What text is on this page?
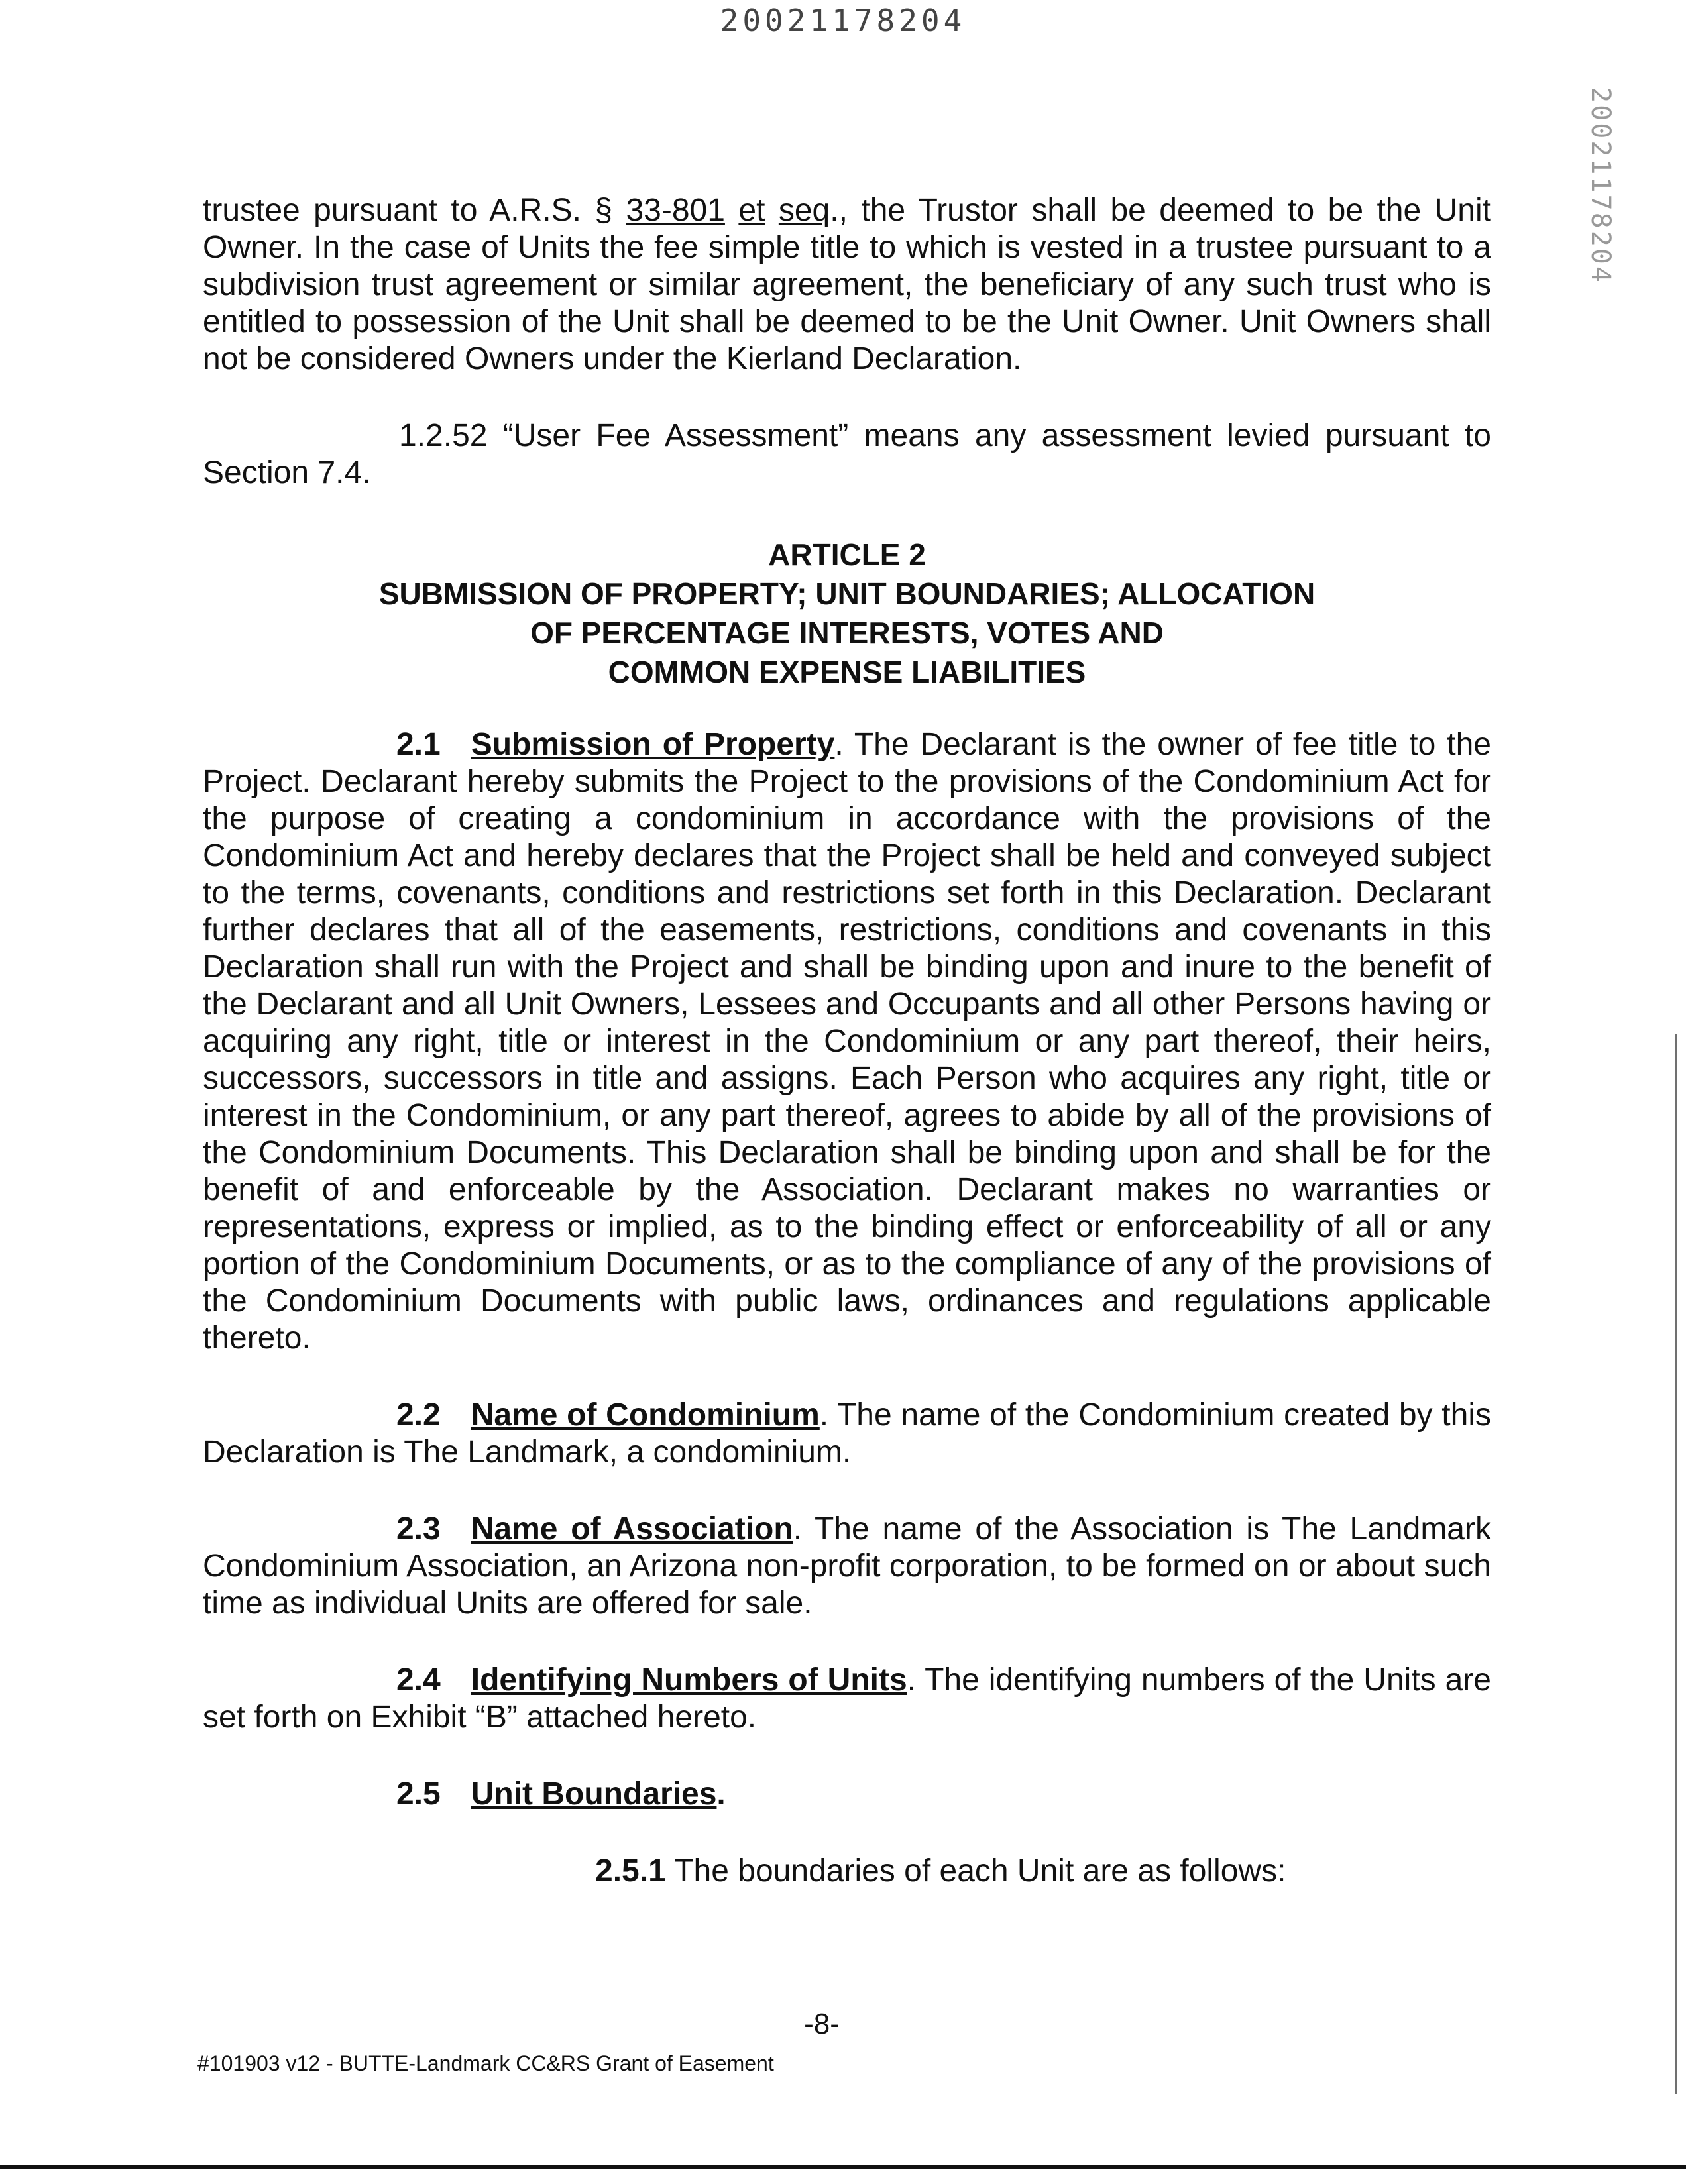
20021178204
20021178204

trustee pursuant to A.R.S. § 33-801 et seq., the Trustor shall be deemed to be the Unit Owner. In the case of Units the fee simple title to which is vested in a trustee pursuant to a subdivision trust agreement or similar agreement, the beneficiary of any such trust who is entitled to possession of the Unit shall be deemed to be the Unit Owner. Unit Owners shall not be considered Owners under the Kierland Declaration.

1.2.52 “User Fee Assessment” means any assessment levied pursuant to Section 7.4.

ARTICLE 2
SUBMISSION OF PROPERTY; UNIT BOUNDARIES; ALLOCATION
OF PERCENTAGE INTERESTS, VOTES AND
COMMON EXPENSE LIABILITIES

2.1 Submission of Property. The Declarant is the owner of fee title to the Project. Declarant hereby submits the Project to the provisions of the Condominium Act for the purpose of creating a condominium in accordance with the provisions of the Condominium Act and hereby declares that the Project shall be held and conveyed subject to the terms, covenants, conditions and restrictions set forth in this Declaration. Declarant further declares that all of the easements, restrictions, conditions and covenants in this Declaration shall run with the Project and shall be binding upon and inure to the benefit of the Declarant and all Unit Owners, Lessees and Occupants and all other Persons having or acquiring any right, title or interest in the Condominium or any part thereof, their heirs, successors, successors in title and assigns. Each Person who acquires any right, title or interest in the Condominium, or any part thereof, agrees to abide by all of the provisions of the Condominium Documents. This Declaration shall be binding upon and shall be for the benefit of and enforceable by the Association. Declarant makes no warranties or representations, express or implied, as to the binding effect or enforceability of all or any portion of the Condominium Documents, or as to the compliance of any of the provisions of the Condominium Documents with public laws, ordinances and regulations applicable thereto.

2.2 Name of Condominium. The name of the Condominium created by this Declaration is The Landmark, a condominium.

2.3 Name of Association. The name of the Association is The Landmark Condominium Association, an Arizona non-profit corporation, to be formed on or about such time as individual Units are offered for sale.

2.4 Identifying Numbers of Units. The identifying numbers of the Units are set forth on Exhibit “B” attached hereto.

2.5 Unit Boundaries.

2.5.1 The boundaries of each Unit are as follows:

-8-
#101903 v12 - BUTTE-Landmark CC&RS Grant of Easement
